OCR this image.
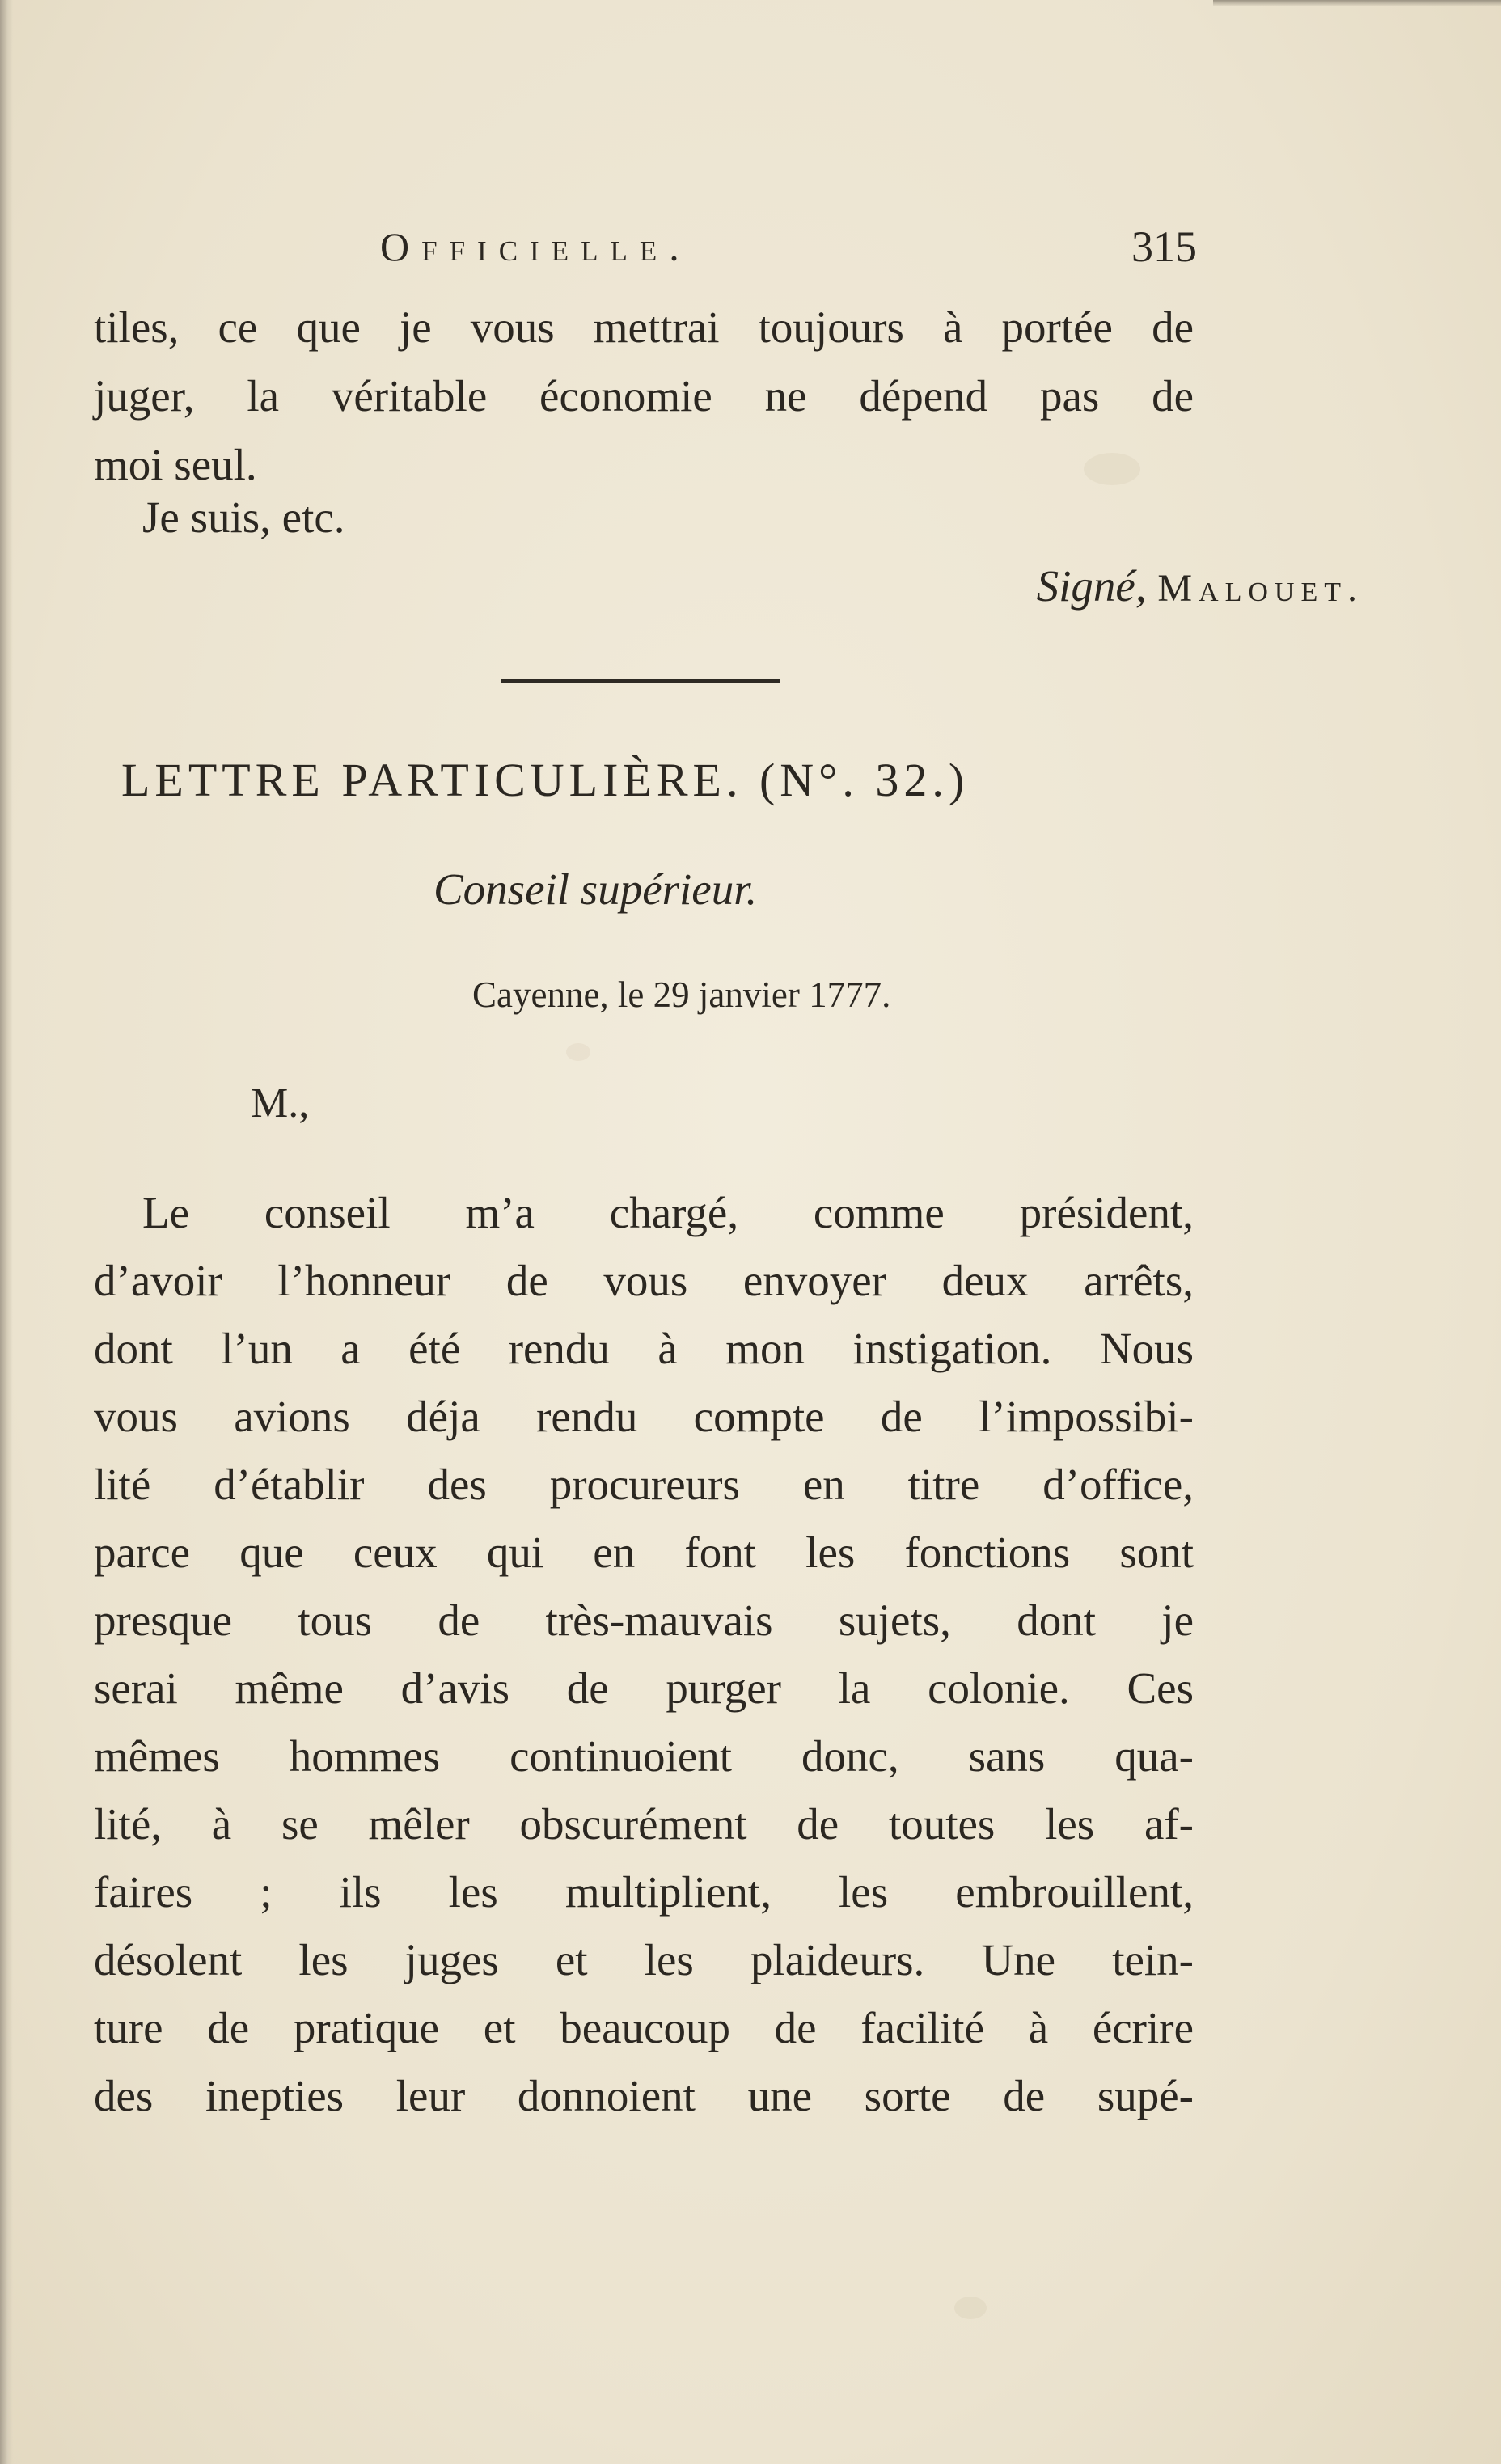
Officielle.	315
tiles, ce que je vous mettrai toujours à portée de
juger, la véritable économie ne dépend pas de
moi seul.
Je suis, etc.
Signé, Malouet.
LETTRE PARTICULIÈRE. (N°. 32.)
Conseil supérieur.
Cayenne, le 29 janvier 1777.
M.,
Le conseil m’a chargé, comme président,
d’avoir l’honneur de vous envoyer deux arrêts,
dont l’un a été rendu à mon instigation. Nous
vous avions déja rendu compte de l’impossibi-
lité d’établir des procureurs en titre d’office,
parce que ceux qui en font les fonctions sont
presque tous de très-mauvais sujets, dont je
serai même d’avis de purger la colonie. Ces
mêmes hommes continuoient donc, sans qua-
lité, à se mêler obscurément de toutes les af-
faires ; ils les multiplient, les embrouillent,
désolent les juges et les plaideurs. Une tein-
ture de pratique et beaucoup de facilité à écrire
des inepties leur donnoient une sorte de supé-
